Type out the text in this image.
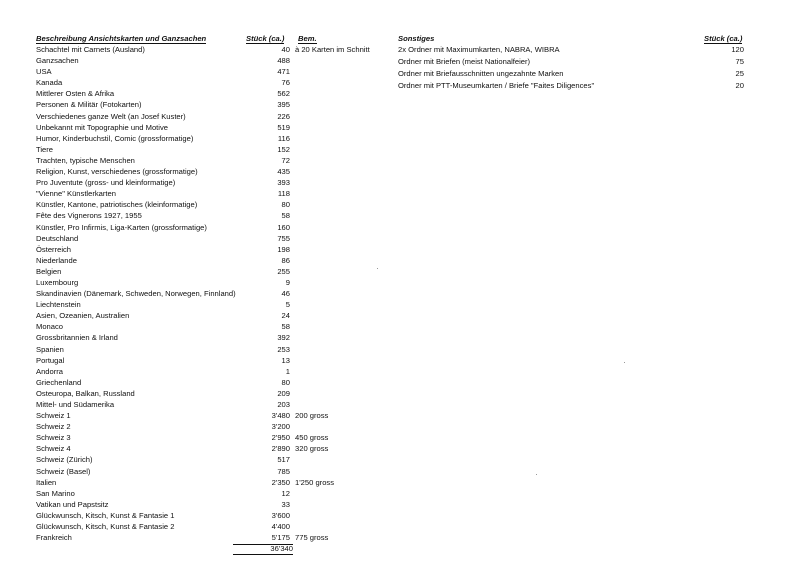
Beschreibung Ansichtskarten und Ganzsachen	Stück (ca.) Bem.	Sonstiges	Stück (ca.)
Schachtel mit Carnets (Ausland)	40 à 20 Karten im Schnitt
Ganzsachen	488
USA	471
Kanada	76
Mittlerer Osten & Afrika	562
Personen & Militär (Fotokarten)	395
Verschiedenes ganze Welt (an Josef Kuster)	226
Unbekannt mit Topographie und Motive	519
Humor, Kinderbuchstil, Comic (grossformatige)	116
Tiere	152
Trachten, typische Menschen	72
Religion, Kunst, verschiedenes (grossformatige)	435
Pro Juventute (gross- und kleinformatige)	393
"Vienne" Künstlerkarten	118
Künstler, Kantone, patriotisches (kleinformatige)	80
Fête des Vignerons 1927, 1955	58
Künstler, Pro Infirmis, Liga-Karten (grossformatige)	160
Deutschland	755
Österreich	198
Niederlande	86
Belgien	255
Luxembourg	9
Skandinavien (Dänemark, Schweden, Norwegen, Finnland)	46
Liechtenstein	5
Asien, Ozeanien, Australien	24
Monaco	58
Grossbritannien & Irland	392
Spanien	253
Portugal	13
Andorra	1
Griechenland	80
Osteuropa, Balkan, Russland	209
Mittel- und Südamerika	203
Schweiz 1	3'480 200 gross
Schweiz 2	3'200
Schweiz 3	2'950 450 gross
Schweiz 4	2'890 320 gross
Schweiz (Zürich)	517
Schweiz (Basel)	785
Italien	2'350 1'250 gross
San Marino	12
Vatikan und Papstsitz	33
Glückwunsch, Kitsch, Kunst & Fantasie 1	3'600
Glückwunsch, Kitsch, Kunst & Fantasie 2	4'400
Frankreich	5'175 775 gross
36'340
2x Ordner mit Maximumkarten, NABRA, WIBRA	120
Ordner mit Briefen (meist Nationalfeier)	75
Ordner mit Briefausschnitten ungezahnte Marken	25
Ordner mit PTT-Museumkarten / Briefe "Faites Diligences"	20
